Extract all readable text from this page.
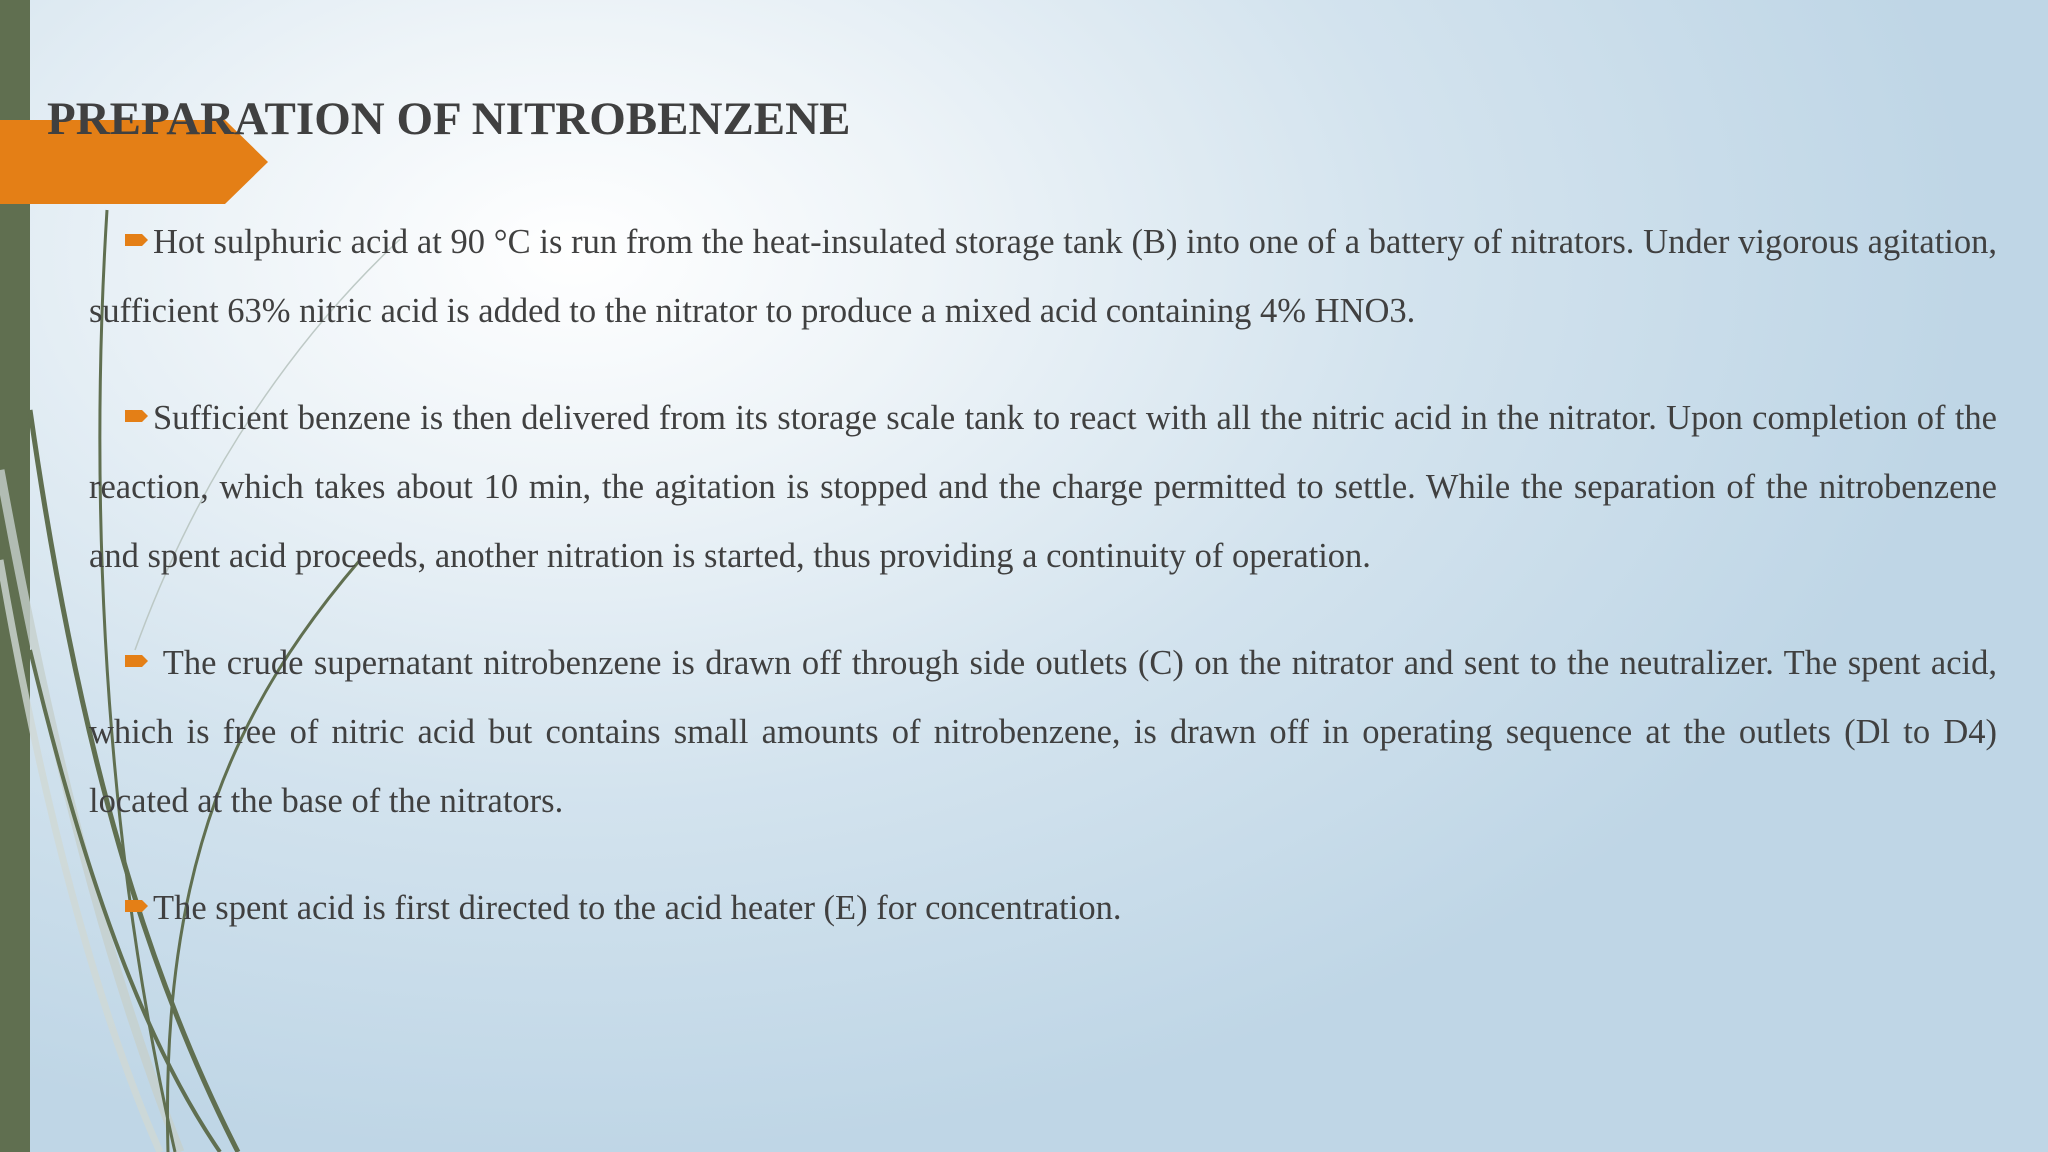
PREPARATION OF NITROBENZENE

Hot sulphuric acid at 90 °C is run from the heat-insulated storage tank (B) into one of a battery of nitrators. Under vigorous agitation, sufficient 63% nitric acid is added to the nitrator to produce a mixed acid containing 4% HNO3.

Sufficient benzene is then delivered from its storage scale tank to react with all the nitric acid in the nitrator. Upon completion of the reaction, which takes about 10 min, the agitation is stopped and the charge permitted to settle. While the separation of the nitrobenzene and spent acid proceeds, another nitration is started, thus providing a continuity of operation.

The crude supernatant nitrobenzene is drawn off through side outlets (C) on the nitrator and sent to the neutralizer. The spent acid, which is free of nitric acid but contains small amounts of nitrobenzene, is drawn off in operating sequence at the outlets (Dl to D4) located at the base of the nitrators.

The spent acid is first directed to the acid heater (E) for concentration.
